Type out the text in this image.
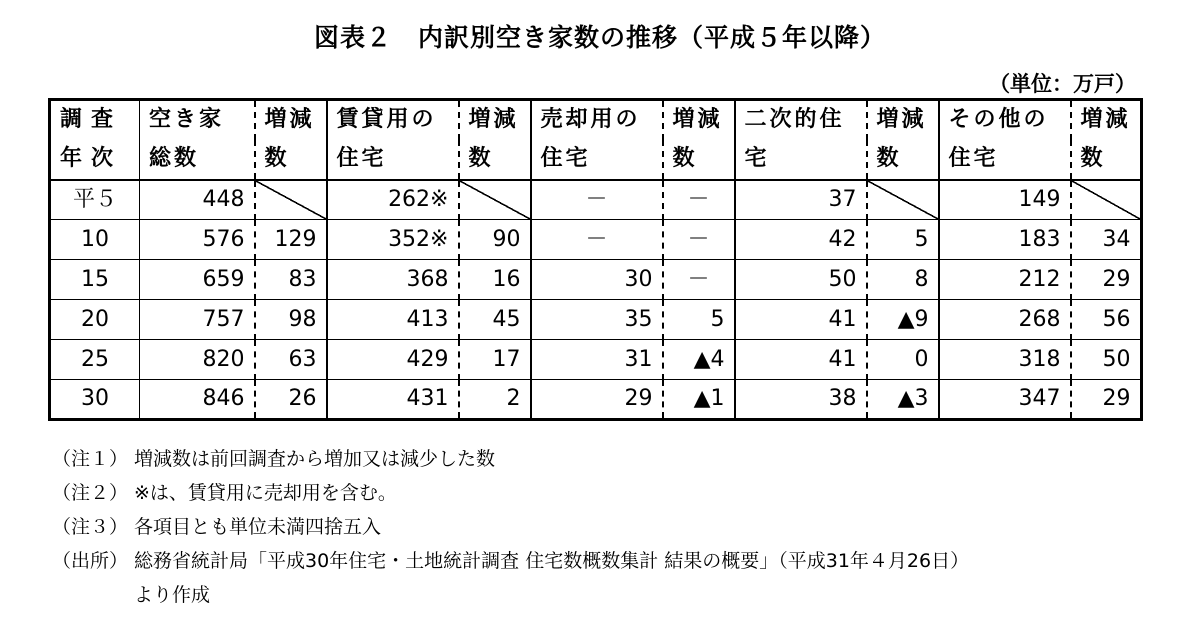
図表２　内訳別空き家数の推移（平成５年以降）
（単位：万戸）
調査	空き家	増減	賃貸用の	増減	売却用の	増減	二次的住	増減	その他の	増減
年次	総数	数	住宅	数	住宅	数	宅	数	住宅	数
平５	448		262※		－	－	37		149	
10	576	129	352※	90	－	－	42	5	183	34
15	659	83	368	16	30	－	50	8	212	29
20	757	98	413	45	35	5	41	▲9	268	56
25	820	63	429	17	31	▲4	41	0	318	50
30	846	26	431	2	29	▲1	38	▲3	347	29
（注１） 増減数は前回調査から増加又は減少した数
（注２） ※は、賃貸用に売却用を含む。
（注３） 各項目とも単位未満四捨五入
（出所） 総務省統計局「平成30年住宅・土地統計調査 住宅数概数集計 結果の概要」（平成31年４月26日）
より作成
